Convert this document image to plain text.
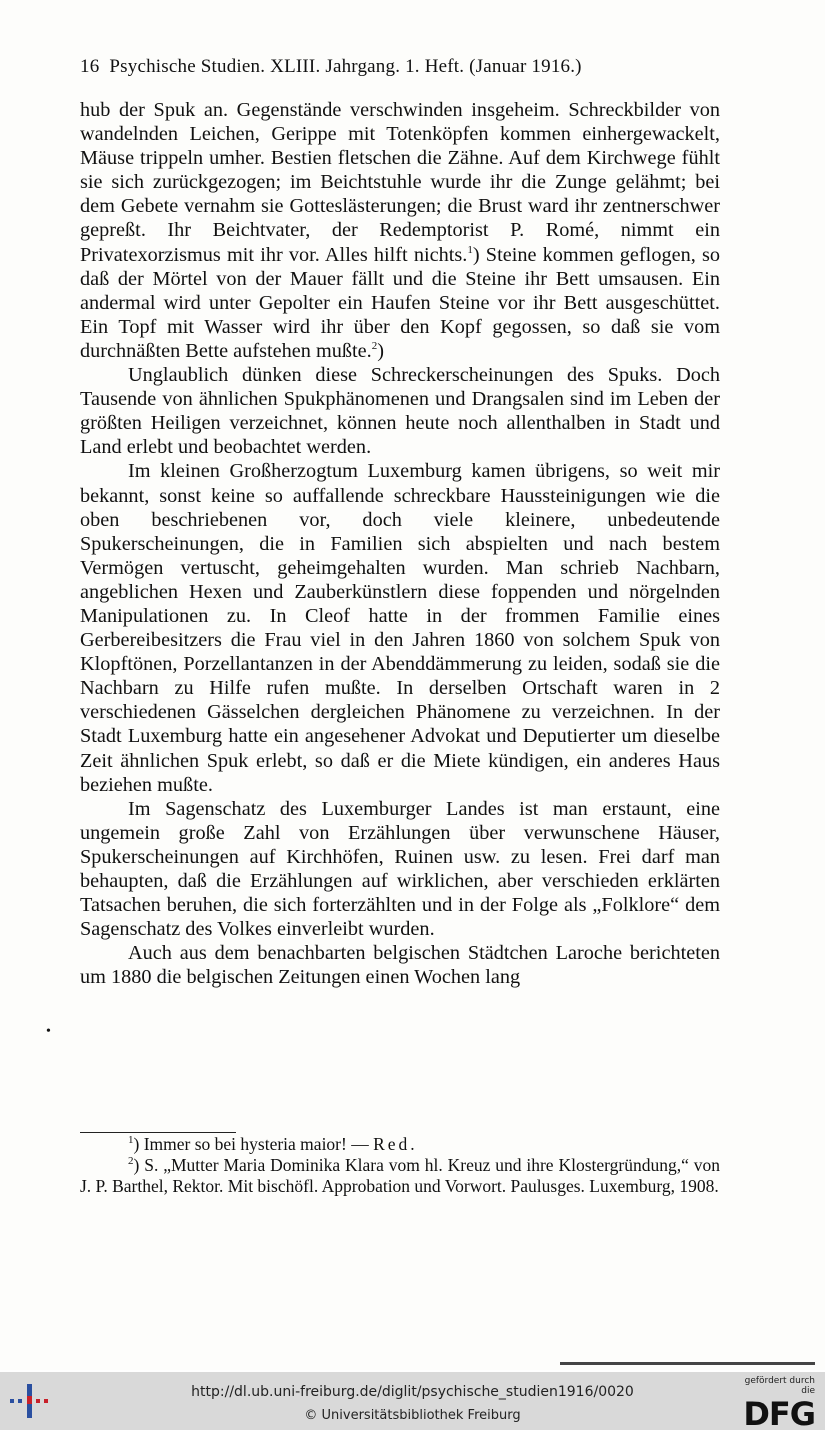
16 Psychische Studien. XLIII. Jahrgang. 1. Heft. (Januar 1916.)

hub der Spuk an. Gegenstände verschwinden insgeheim. Schreckbilder von wandelnden Leichen, Gerippe mit Totenköpfen kommen einhergewackelt, Mäuse trippeln umher. Bestien fletschen die Zähne. Auf dem Kirchwege fühlt sie sich zurückgezogen; im Beichtstuhle wurde ihr die Zunge gelähmt; bei dem Gebete vernahm sie Gotteslästerungen; die Brust ward ihr zentnerschwer gepreßt. Ihr Beichtvater, der Redemptorist P. Romé, nimmt ein Privatexorzismus mit ihr vor. Alles hilft nichts.$^1$) Steine kommen geflogen, so daß der Mörtel von der Mauer fällt und die Steine ihr Bett umsausen. Ein andermal wird unter Gepolter ein Haufen Steine vor ihr Bett ausgeschüttet. Ein Topf mit Wasser wird ihr über den Kopf gegossen, so daß sie vom durchnäßten Bette aufstehen mußte.$^2$)

Unglaublich dünken diese Schreckerscheinungen des Spuks. Doch Tausende von ähnlichen Spukphänomenen und Drangsalen sind im Leben der größten Heiligen verzeichnet, können heute noch allenthalben in Stadt und Land erlebt und beobachtet werden.

Im kleinen Großherzogtum Luxemburg kamen übrigens, so weit mir bekannt, sonst keine so auffallende schreckbare Haussteinigungen wie die oben beschriebenen vor, doch viele kleinere, unbedeutende Spukerscheinungen, die in Familien sich abspielten und nach bestem Vermögen vertuscht, geheimgehalten wurden. Man schrieb Nachbarn, angeblichen Hexen und Zauberkünstlern diese foppenden und nörgelnden Manipulationen zu. In Cleof hatte in der frommen Familie eines Gerbereibesitzers die Frau viel in den Jahren 1860 von solchem Spuk von Klopftönen, Porzellantanzen in der Abenddämmerung zu leiden, sodaß sie die Nachbarn zu Hilfe rufen mußte. In derselben Ortschaft waren in 2 verschiedenen Gässelchen dergleichen Phänomene zu verzeichnen. In der Stadt Luxemburg hatte ein angesehener Advokat und Deputierter um dieselbe Zeit ähnlichen Spuk erlebt, so daß er die Miete kündigen, ein anderes Haus beziehen mußte.

Im Sagenschatz des Luxemburger Landes ist man erstaunt, eine ungemein große Zahl von Erzählungen über verwunschene Häuser, Spukerscheinungen auf Kirchhöfen, Ruinen usw. zu lesen. Frei darf man behaupten, daß die Erzählungen auf wirklichen, aber verschieden erklärten Tatsachen beruhen, die sich forterzählten und in der Folge als „Folklore“ dem Sagenschatz des Volkes einverleibt wurden.

Auch aus dem benachbarten belgischen Städtchen Laroche berichteten um 1880 die belgischen Zeitungen einen Wochen lang

•

$^1$) Immer so bei hysteria maior! — Red.

$^2$) S. „Mutter Maria Dominika Klara vom hl. Kreuz und ihre Klostergründung,“ von J. P. Barthel, Rektor. Mit bischöfl. Approbation und Vorwort. Paulusges. Luxemburg, 1908.

http://dl.ub.uni-freiburg.de/diglit/psychische_studien1916/0020
© Universitätsbibliothek Freiburg
gefördert durch die
DFG
